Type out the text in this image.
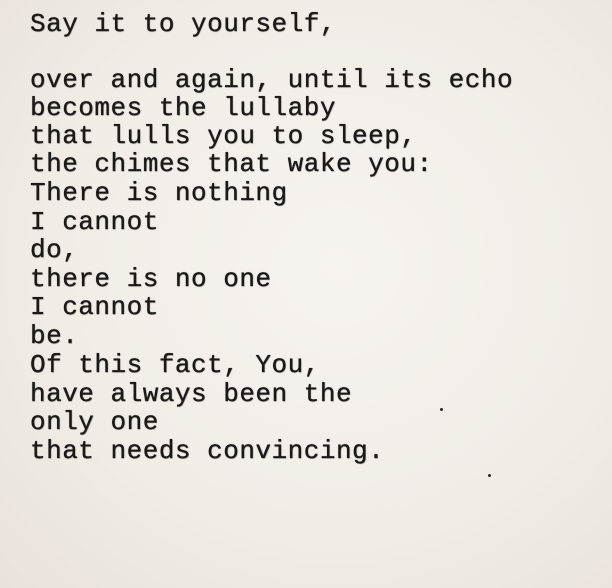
Say it to yourself,
over and again, until its echo
becomes the lullaby
that lulls you to sleep,
the chimes that wake you:
There is nothing
I cannot
do,
there is no one
I cannot
be.
Of this fact, You,
have always been the
only one
that needs convincing.
